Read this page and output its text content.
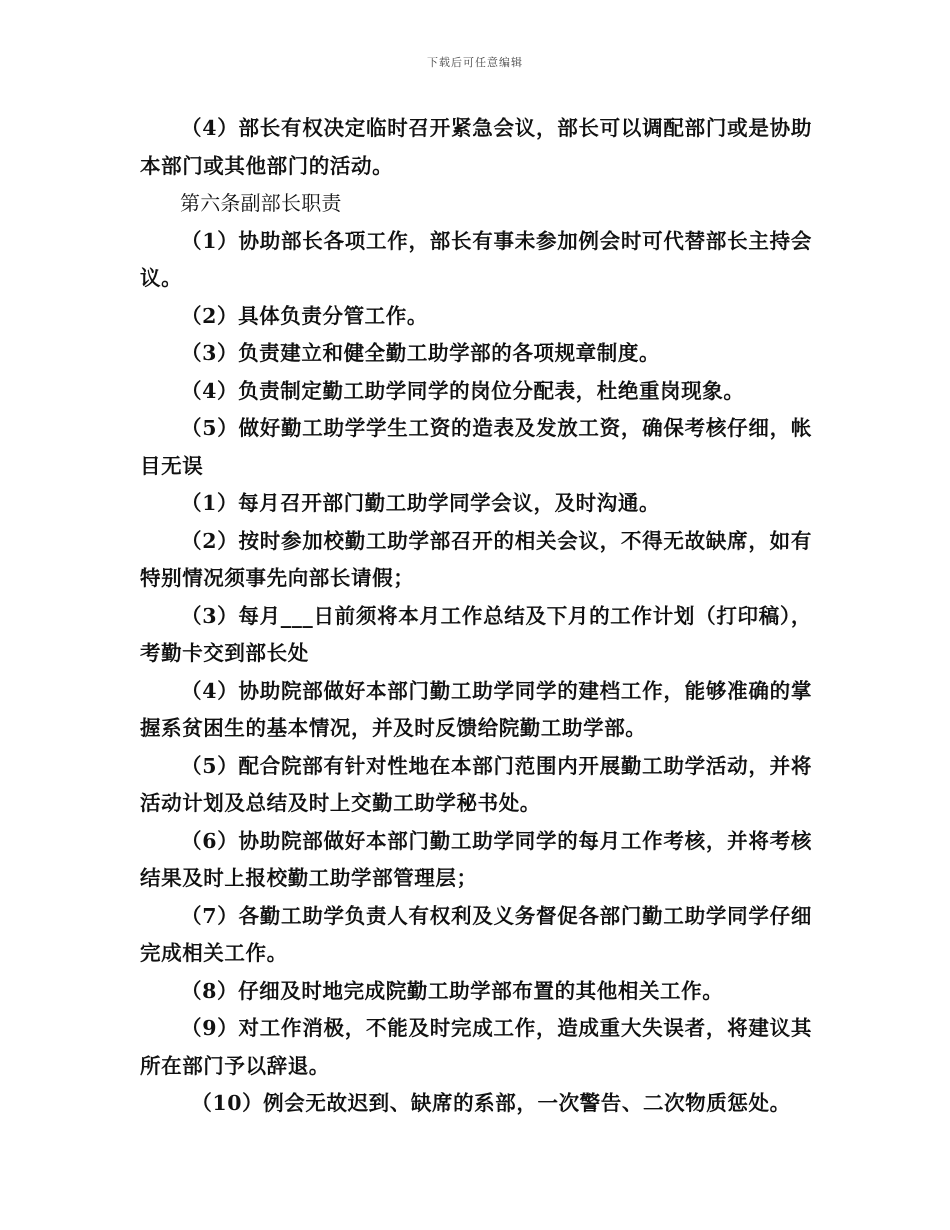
下载后可任意编辑

（4）部长有权决定临时召开紧急会议，部长可以调配部门或是协助本部门或其他部门的活动。

第六条副部长职责

（1）协助部长各项工作，部长有事未参加例会时可代替部长主持会议。

（2）具体负责分管工作。

（3）负责建立和健全勤工助学部的各项规章制度。

（4）负责制定勤工助学同学的岗位分配表，杜绝重岗现象。

（5）做好勤工助学学生工资的造表及发放工资，确保考核仔细，帐目无误

（1）每月召开部门勤工助学同学会议，及时沟通。

（2）按时参加校勤工助学部召开的相关会议，不得无故缺席，如有特别情况须事先向部长请假；

（3）每月___日前须将本月工作总结及下月的工作计划（打印稿），考勤卡交到部长处

（4）协助院部做好本部门勤工助学同学的建档工作，能够准确的掌握系贫困生的基本情况，并及时反馈给院勤工助学部。

（5）配合院部有针对性地在本部门范围内开展勤工助学活动，并将活动计划及总结及时上交勤工助学秘书处。

（6）协助院部做好本部门勤工助学同学的每月工作考核，并将考核结果及时上报校勤工助学部管理层；

（7）各勤工助学负责人有权利及义务督促各部门勤工助学同学仔细完成相关工作。

（8）仔细及时地完成院勤工助学部布置的其他相关工作。

（9）对工作消极，不能及时完成工作，造成重大失误者，将建议其所在部门予以辞退。

（10）例会无故迟到、缺席的系部，一次警告、二次物质惩处。
